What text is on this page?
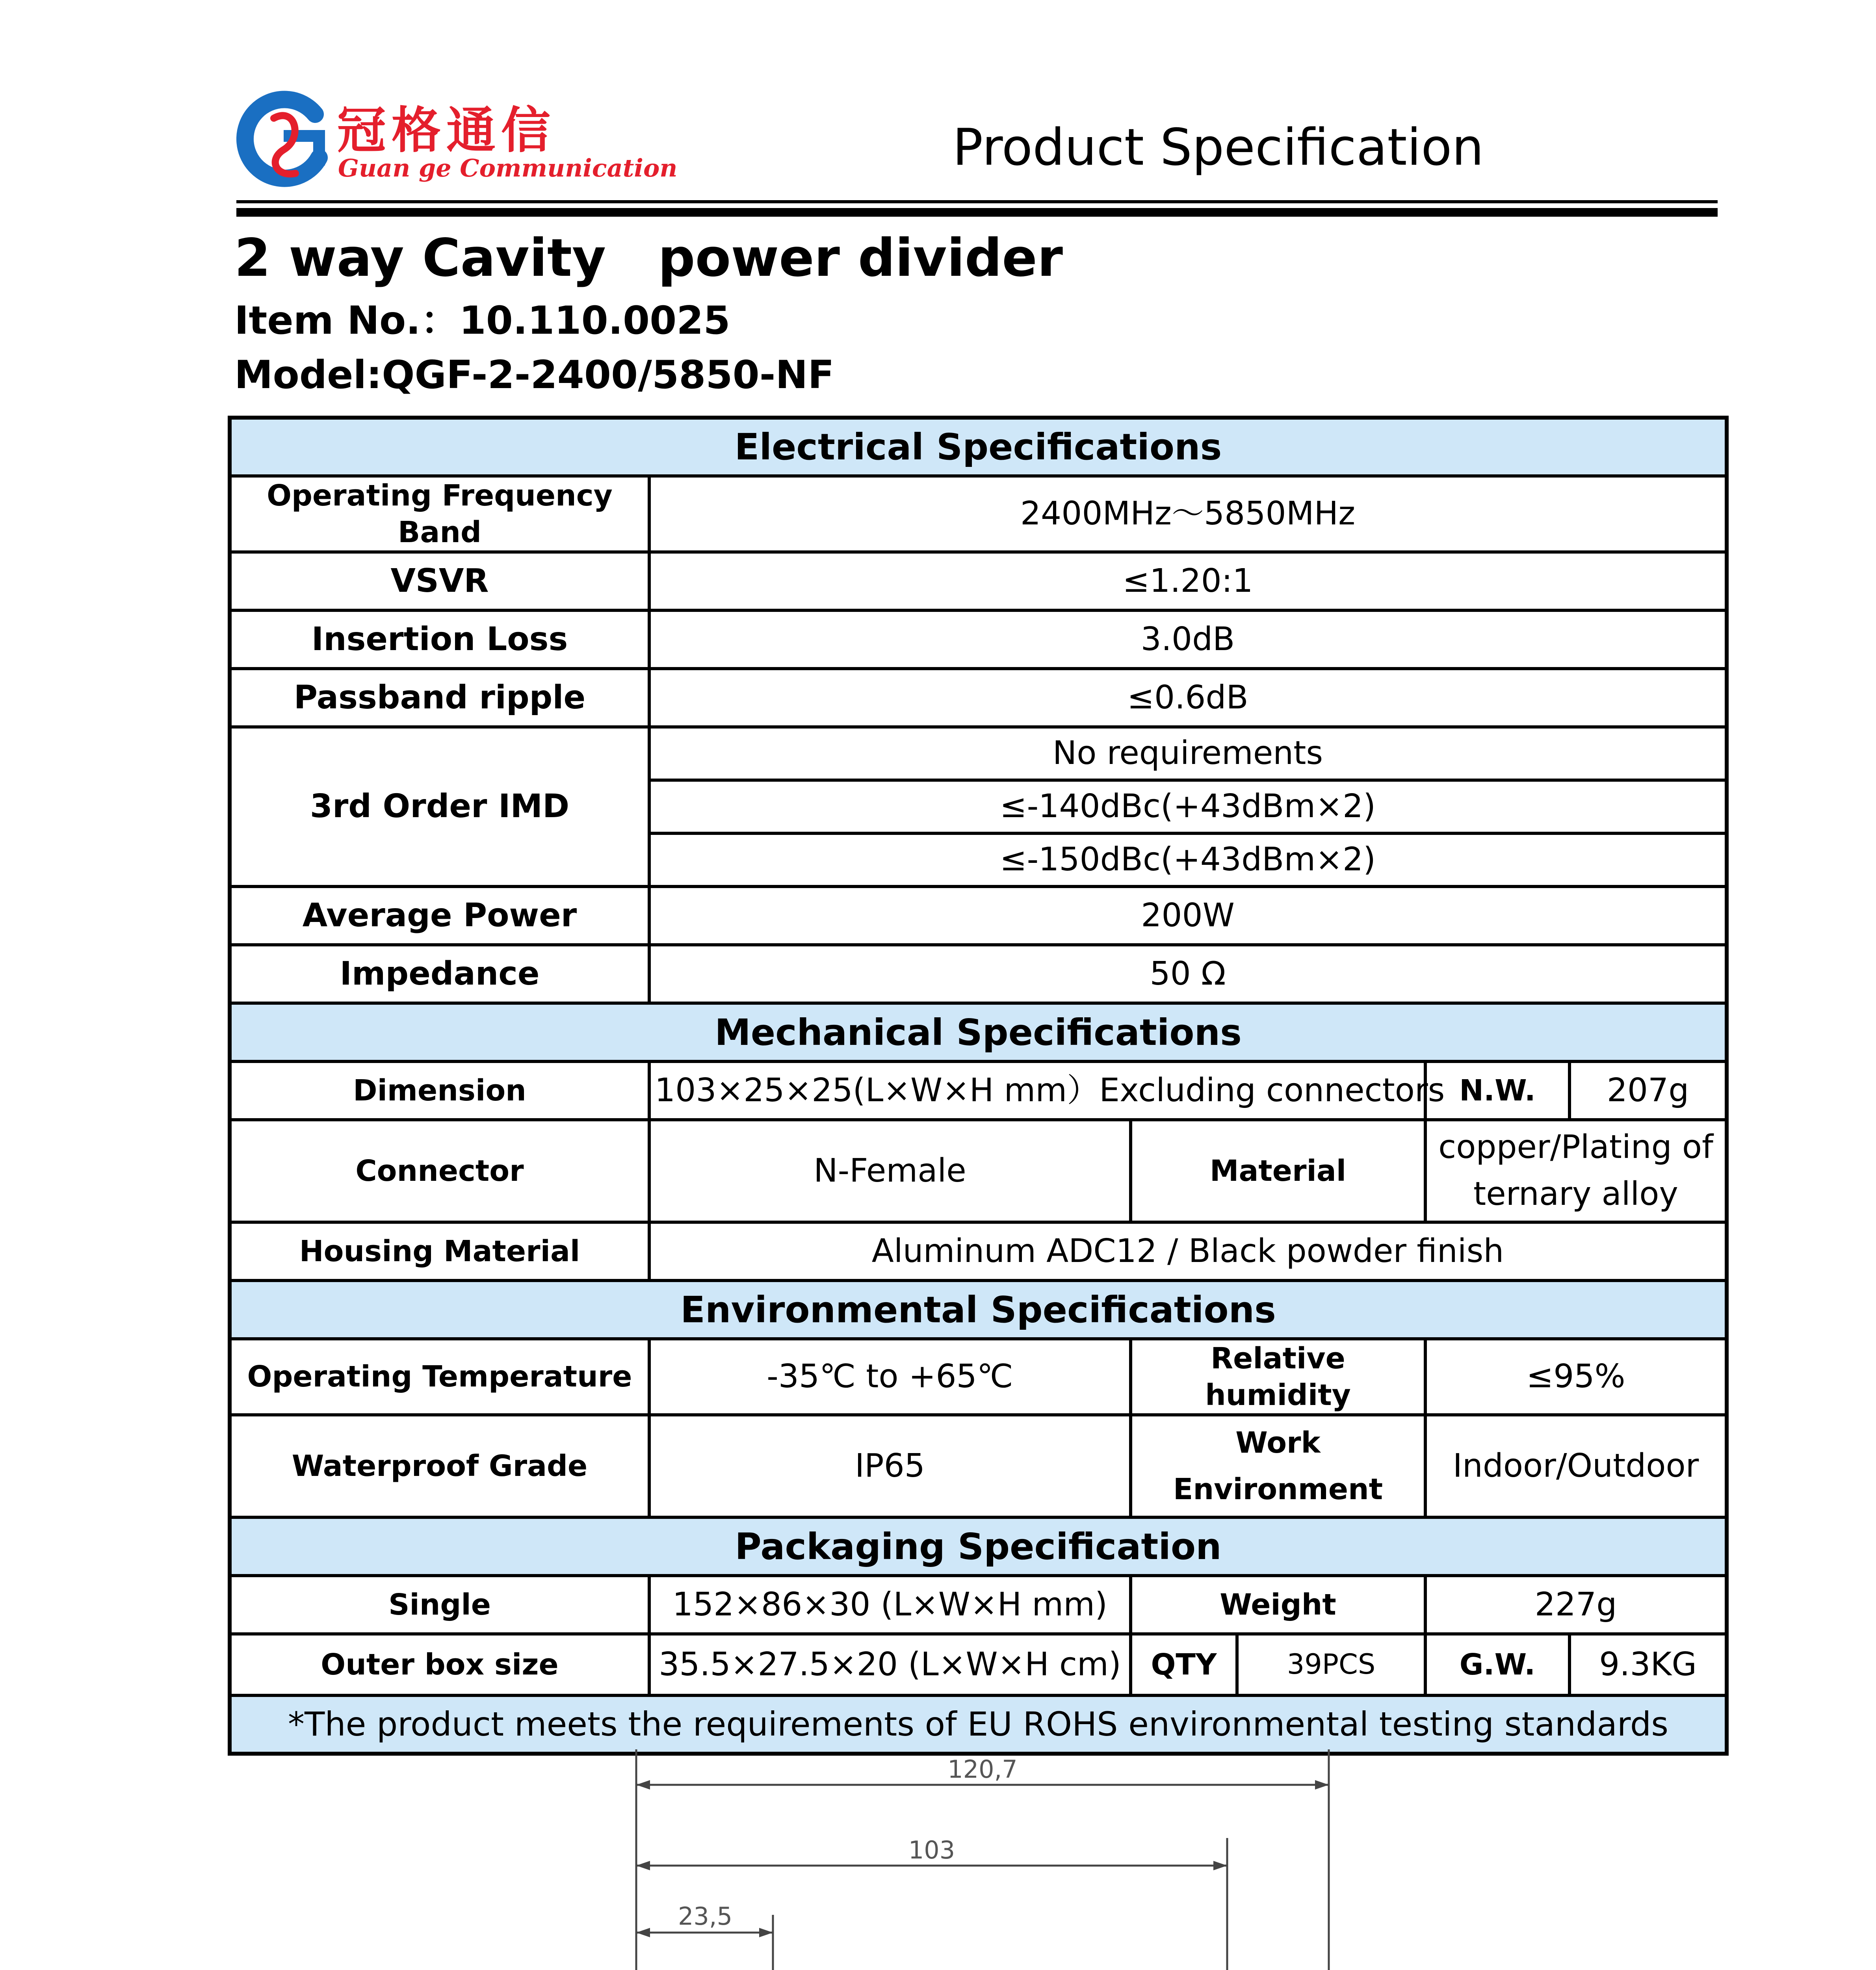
冠格通信
Guan ge Communication	Product Specification
2 way Cavity　power divider
Item No.：10.110.0025
Model:QGF-2-2400/5850-NF
Electrical Specifications				
Operating Frequency Band	2400MHz～5850MHz			
VSVR	≤1.20:1			
Insertion Loss	3.0dB			
Passband ripple	≤0.6dB			
3rd Order IMD	No requirements			
	≤-140dBc(+43dBm×2)			
	≤-150dBc(+43dBm×2)			
Average Power	200W			
Impedance	50 Ω			
Mechanical Specifications				
Dimension	103×25×25(L×W×H mm）Excluding connectors		N.W.	207g
Connector	N-Female	Material	copper/Plating of ternary alloy	
Housing Material	Aluminum ADC12 / Black powder finish			
Environmental Specifications				
Operating Temperature	-35℃ to +65℃	Relative humidity	≤95%	
Waterproof Grade	IP65	Work Environment	Indoor/Outdoor	
Packaging Specification				
Single	152×86×30 (L×W×H mm)	Weight	227g	
Outer box size	35.5×27.5×20 (L×W×H cm)	QTY 39PCS	G.W.	9.3KG
*The product meets the requirements of EU ROHS environmental testing standards				
120,7
103
23,5
